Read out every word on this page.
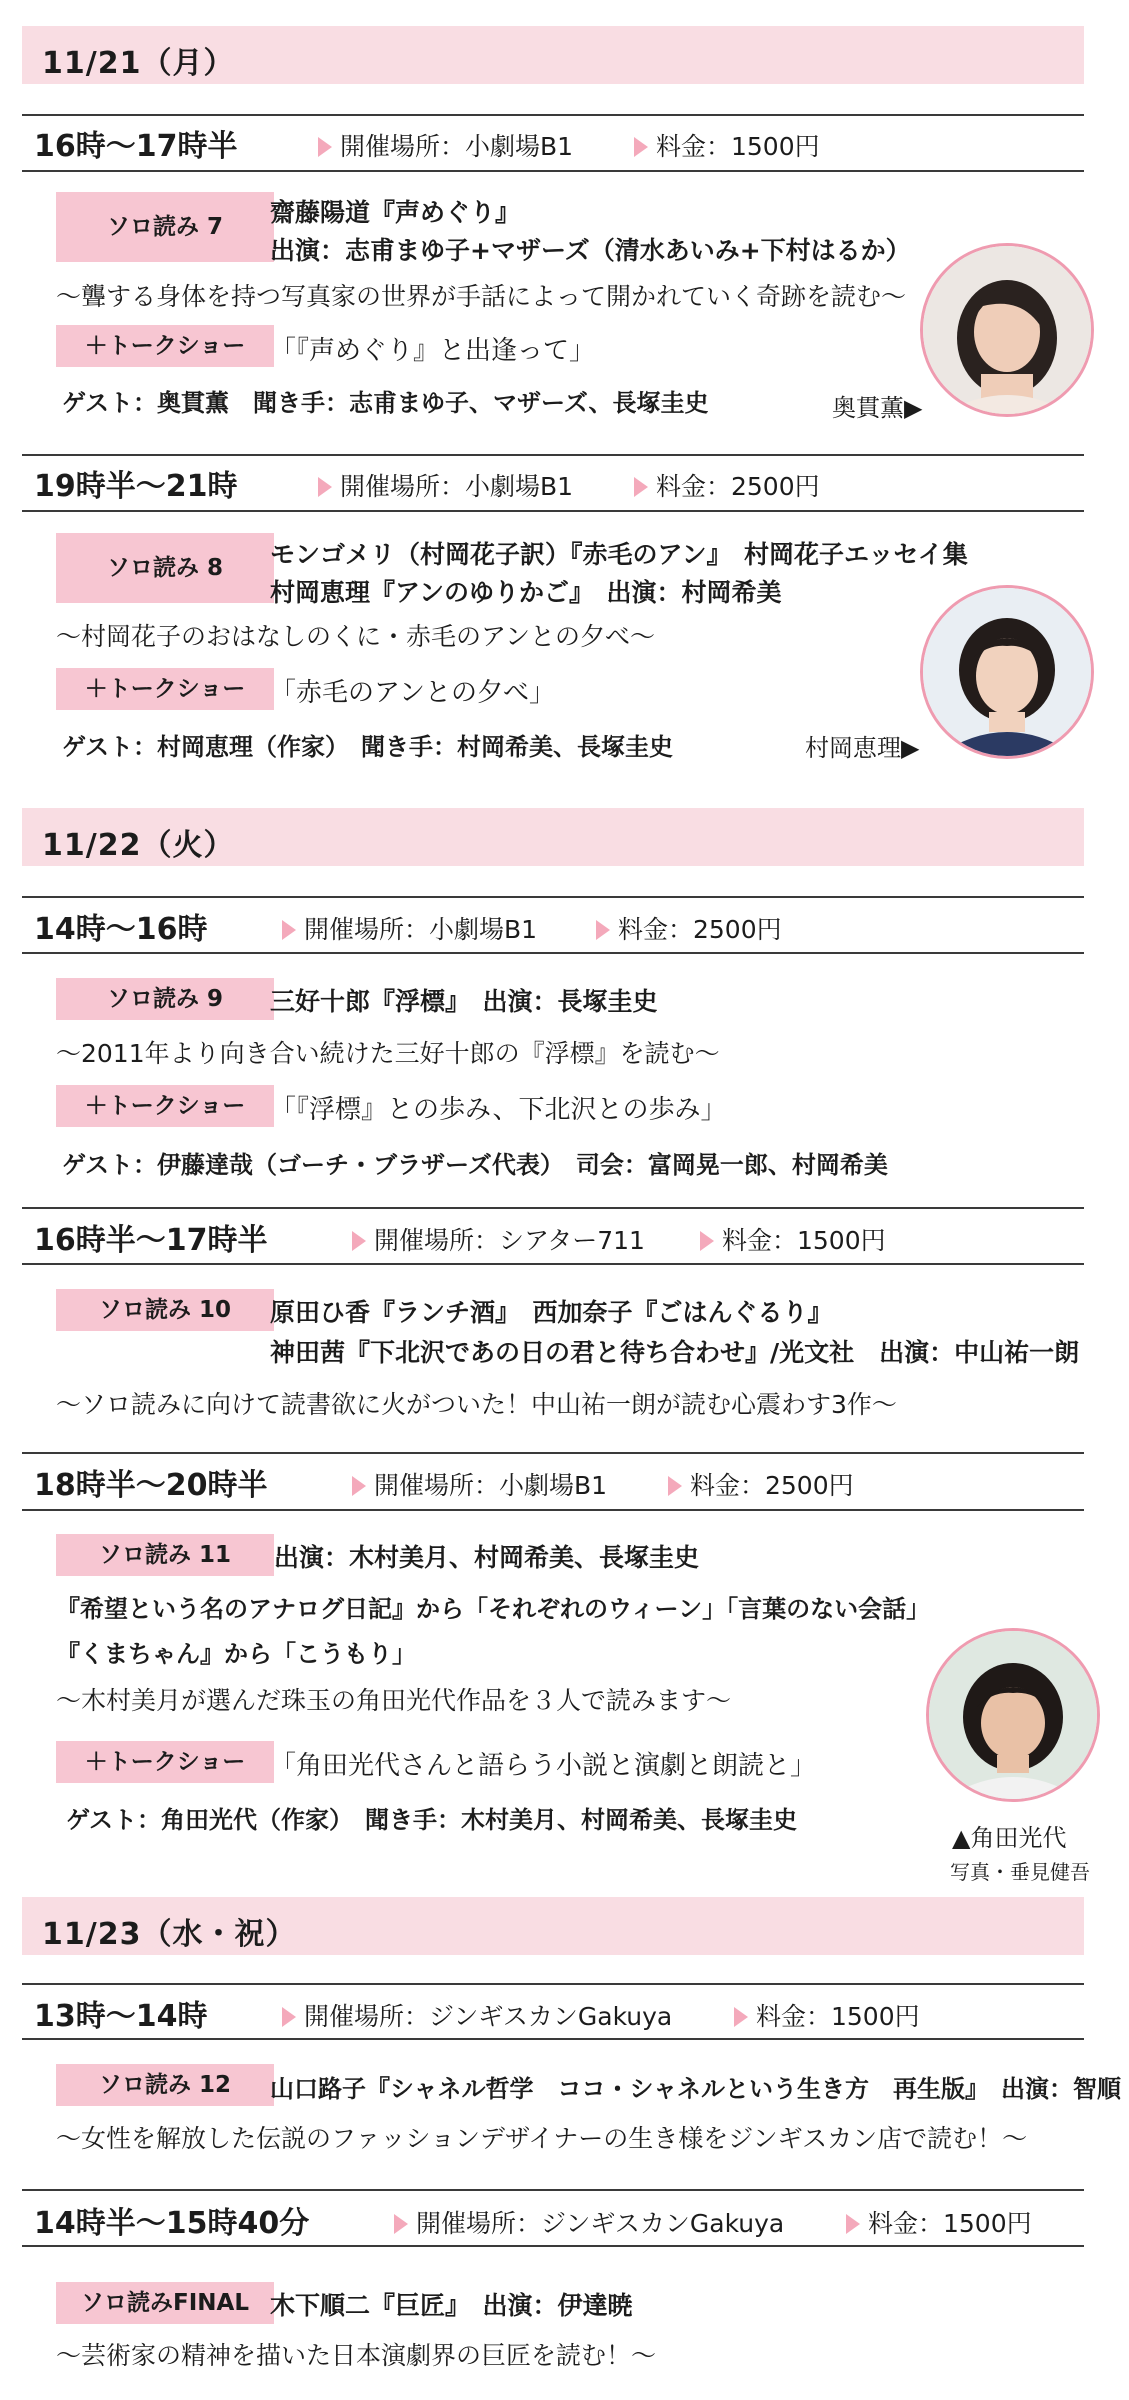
11/21（月）
16時～17時半	開催場所：小劇場B1	料金：1500円
ソロ読み 7	齋藤陽道『声めぐり』
出演：志甫まゆ子+マザーズ（清水あいみ+下村はるか）
～聾する身体を持つ写真家の世界が手話によって開かれていく奇跡を読む～
＋トークショー 「『声めぐり』と出逢って」
ゲスト：奥貫薫　聞き手：志甫まゆ子、マザーズ、長塚圭史	奥貫薫▶
19時半～21時	開催場所：小劇場B1	料金：2500円
ソロ読み 8	モンゴメリ（村岡花子訳）『赤毛のアン』　村岡花子エッセイ集
村岡恵理『アンのゆりかご』　出演：村岡希美
～村岡花子のおはなしのくに・赤毛のアンとの夕べ～
＋トークショー 「赤毛のアンとの夕べ」
ゲスト：村岡恵理（作家）　聞き手：村岡希美、長塚圭史	村岡恵理▶
11/22（火）
14時～16時	開催場所：小劇場B1	料金：2500円
ソロ読み 9	三好十郎『浮標』　出演：長塚圭史
～2011年より向き合い続けた三好十郎の『浮標』を読む～
＋トークショー 「『浮標』との歩み、下北沢との歩み」
ゲスト：伊藤達哉（ゴーチ・ブラザーズ代表）　司会：富岡晃一郎、村岡希美
16時半～17時半	開催場所：シアター711	料金：1500円
ソロ読み 10	原田ひ香『ランチ酒』　西加奈子『ごはんぐるり』
神田茜『下北沢であの日の君と待ち合わせ』/光文社　出演：中山祐一朗
～ソロ読みに向けて読書欲に火がついた！中山祐一朗が読む心震わす3作～
18時半～20時半	開催場所：小劇場B1	料金：2500円
ソロ読み 11	出演：木村美月、村岡希美、長塚圭史
『希望という名のアナログ日記』から「それぞれのウィーン」「言葉のない会話」
『くまちゃん』から「こうもり」
～木村美月が選んだ珠玉の角田光代作品を３人で読みます～
＋トークショー 「角田光代さんと語らう小説と演劇と朗読と」
ゲスト：角田光代（作家）　聞き手：木村美月、村岡希美、長塚圭史
▲角田光代
写真・垂見健吾
11/23（水・祝）
13時～14時	開催場所：ジンギスカンGakuya	料金：1500円
ソロ読み 12	山口路子『シャネル哲学　ココ・シャネルという生き方　再生版』　出演：智順
～女性を解放した伝説のファッションデザイナーの生き様をジンギスカン店で読む！～
14時半～15時40分	開催場所：ジンギスカンGakuya	料金：1500円
ソロ読みFINAL 木下順二『巨匠』　出演：伊達暁
～芸術家の精神を描いた日本演劇界の巨匠を読む！～
